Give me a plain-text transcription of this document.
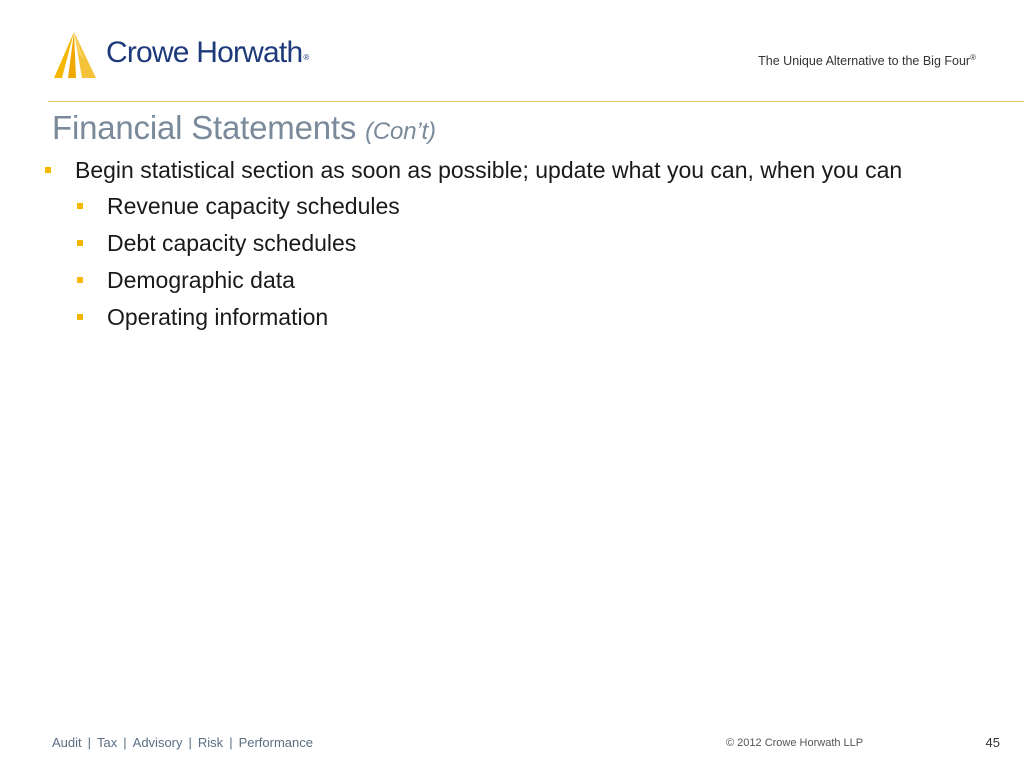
Crowe Horwath®	The Unique Alternative to the Big Four®
Financial Statements (Con’t)
Begin statistical section as soon as possible; update what you can, when you can
Revenue capacity schedules
Debt capacity schedules
Demographic data
Operating information
Audit | Tax | Advisory | Risk | Performance	© 2012 Crowe Horwath LLP	45
